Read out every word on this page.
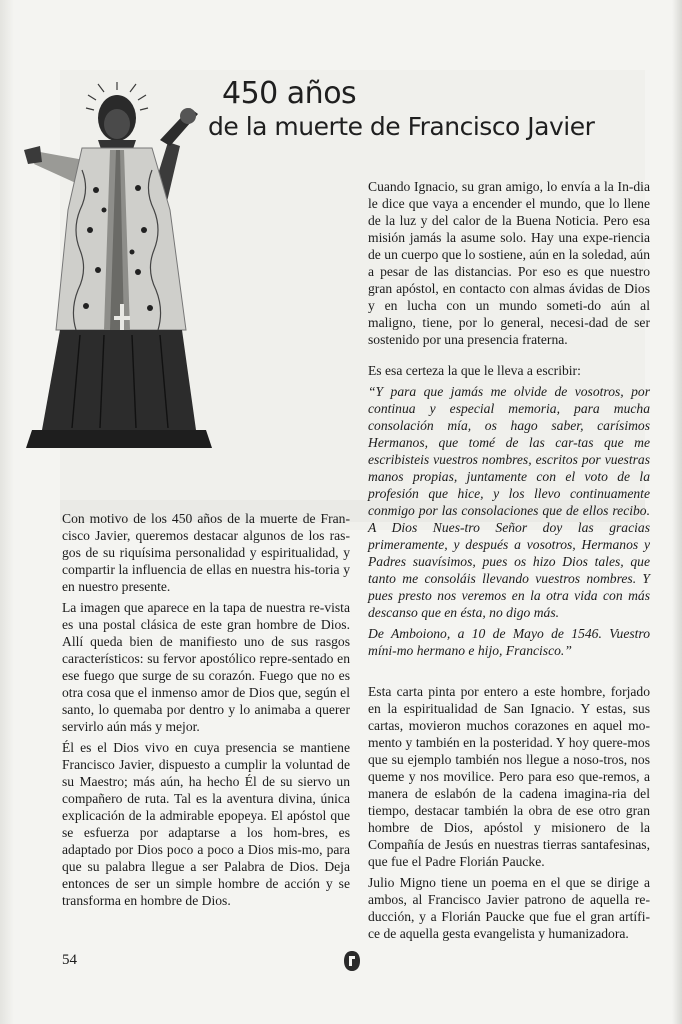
450 años
de la muerte de Francisco Javier

Con motivo de los 450 años de la muerte de Fran-cisco Javier, queremos destacar algunos de los ras-gos de su riquísima personalidad y espiritualidad, y compartir la influencia de ellas en nuestra his-toria y en nuestro presente.

La imagen que aparece en la tapa de nuestra re-vista es una postal clásica de este gran hombre de Dios. Allí queda bien de manifiesto uno de sus rasgos característicos: su fervor apostólico repre-sentado en ese fuego que surge de su corazón. Fuego que no es otra cosa que el inmenso amor de Dios que, según el santo, lo quemaba por dentro y lo animaba a querer servirlo aún más y mejor.

Él es el Dios vivo en cuya presencia se mantiene Francisco Javier, dispuesto a cumplir la voluntad de su Maestro; más aún, ha hecho Él de su siervo un compañero de ruta. Tal es la aventura divina, única explicación de la admirable epopeya. El apóstol que se esfuerza por adaptarse a los hom-bres, es adaptado por Dios poco a poco a Dios mis-mo, para que su palabra llegue a ser Palabra de Dios. Deja entonces de ser un simple hombre de acción y se transforma en hombre de Dios.

Cuando Ignacio, su gran amigo, lo envía a la In-dia le dice que vaya a encender el mundo, que lo llene de la luz y del calor de la Buena Noticia. Pero esa misión jamás la asume solo. Hay una expe-riencia de un cuerpo que lo sostiene, aún en la soledad, aún a pesar de las distancias. Por eso es que nuestro gran apóstol, en contacto con almas ávidas de Dios y en lucha con un mundo someti-do aún al maligno, tiene, por lo general, necesi-dad de ser sostenido por una presencia fraterna.

Es esa certeza la que le lleva a escribir:

“Y para que jamás me olvide de vosotros, por continua y especial memoria, para mucha consolación mía, os hago saber, carísimos Hermanos, que tomé de las car-tas que me escribisteis vuestros nombres, escritos por vuestras manos propias, juntamente con el voto de la profesión que hice, y los llevo continuamente conmigo por las consolaciones que de ellos recibo. A Dios Nues-tro Señor doy las gracias primeramente, y después a vosotros, Hermanos y Padres suavísimos, pues os hizo Dios tales, que tanto me consoláis llevando vuestros nombres. Y pues presto nos veremos en la otra vida con más descanso que en ésta, no digo más.

De Amboiono, a 10 de Mayo de 1546. Vuestro míni-mo hermano e hijo, Francisco.”

Esta carta pinta por entero a este hombre, forjado en la espiritualidad de San Ignacio. Y estas, sus cartas, movieron muchos corazones en aquel mo-mento y también en la posteridad. Y hoy quere-mos que su ejemplo también nos llegue a noso-tros, nos queme y nos movilice. Pero para eso que-remos, a manera de eslabón de la cadena imagina-ria del tiempo, destacar también la obra de ese otro gran hombre de Dios, apóstol y misionero de la Compañía de Jesús en nuestras tierras santafesinas, que fue el Padre Florián Paucke.

Julio Migno tiene un poema en el que se dirige a ambos, al Francisco Javier patrono de aquella re-ducción, y a Florián Paucke que fue el gran artífi-ce de aquella gesta evangelista y humanizadora.

54
